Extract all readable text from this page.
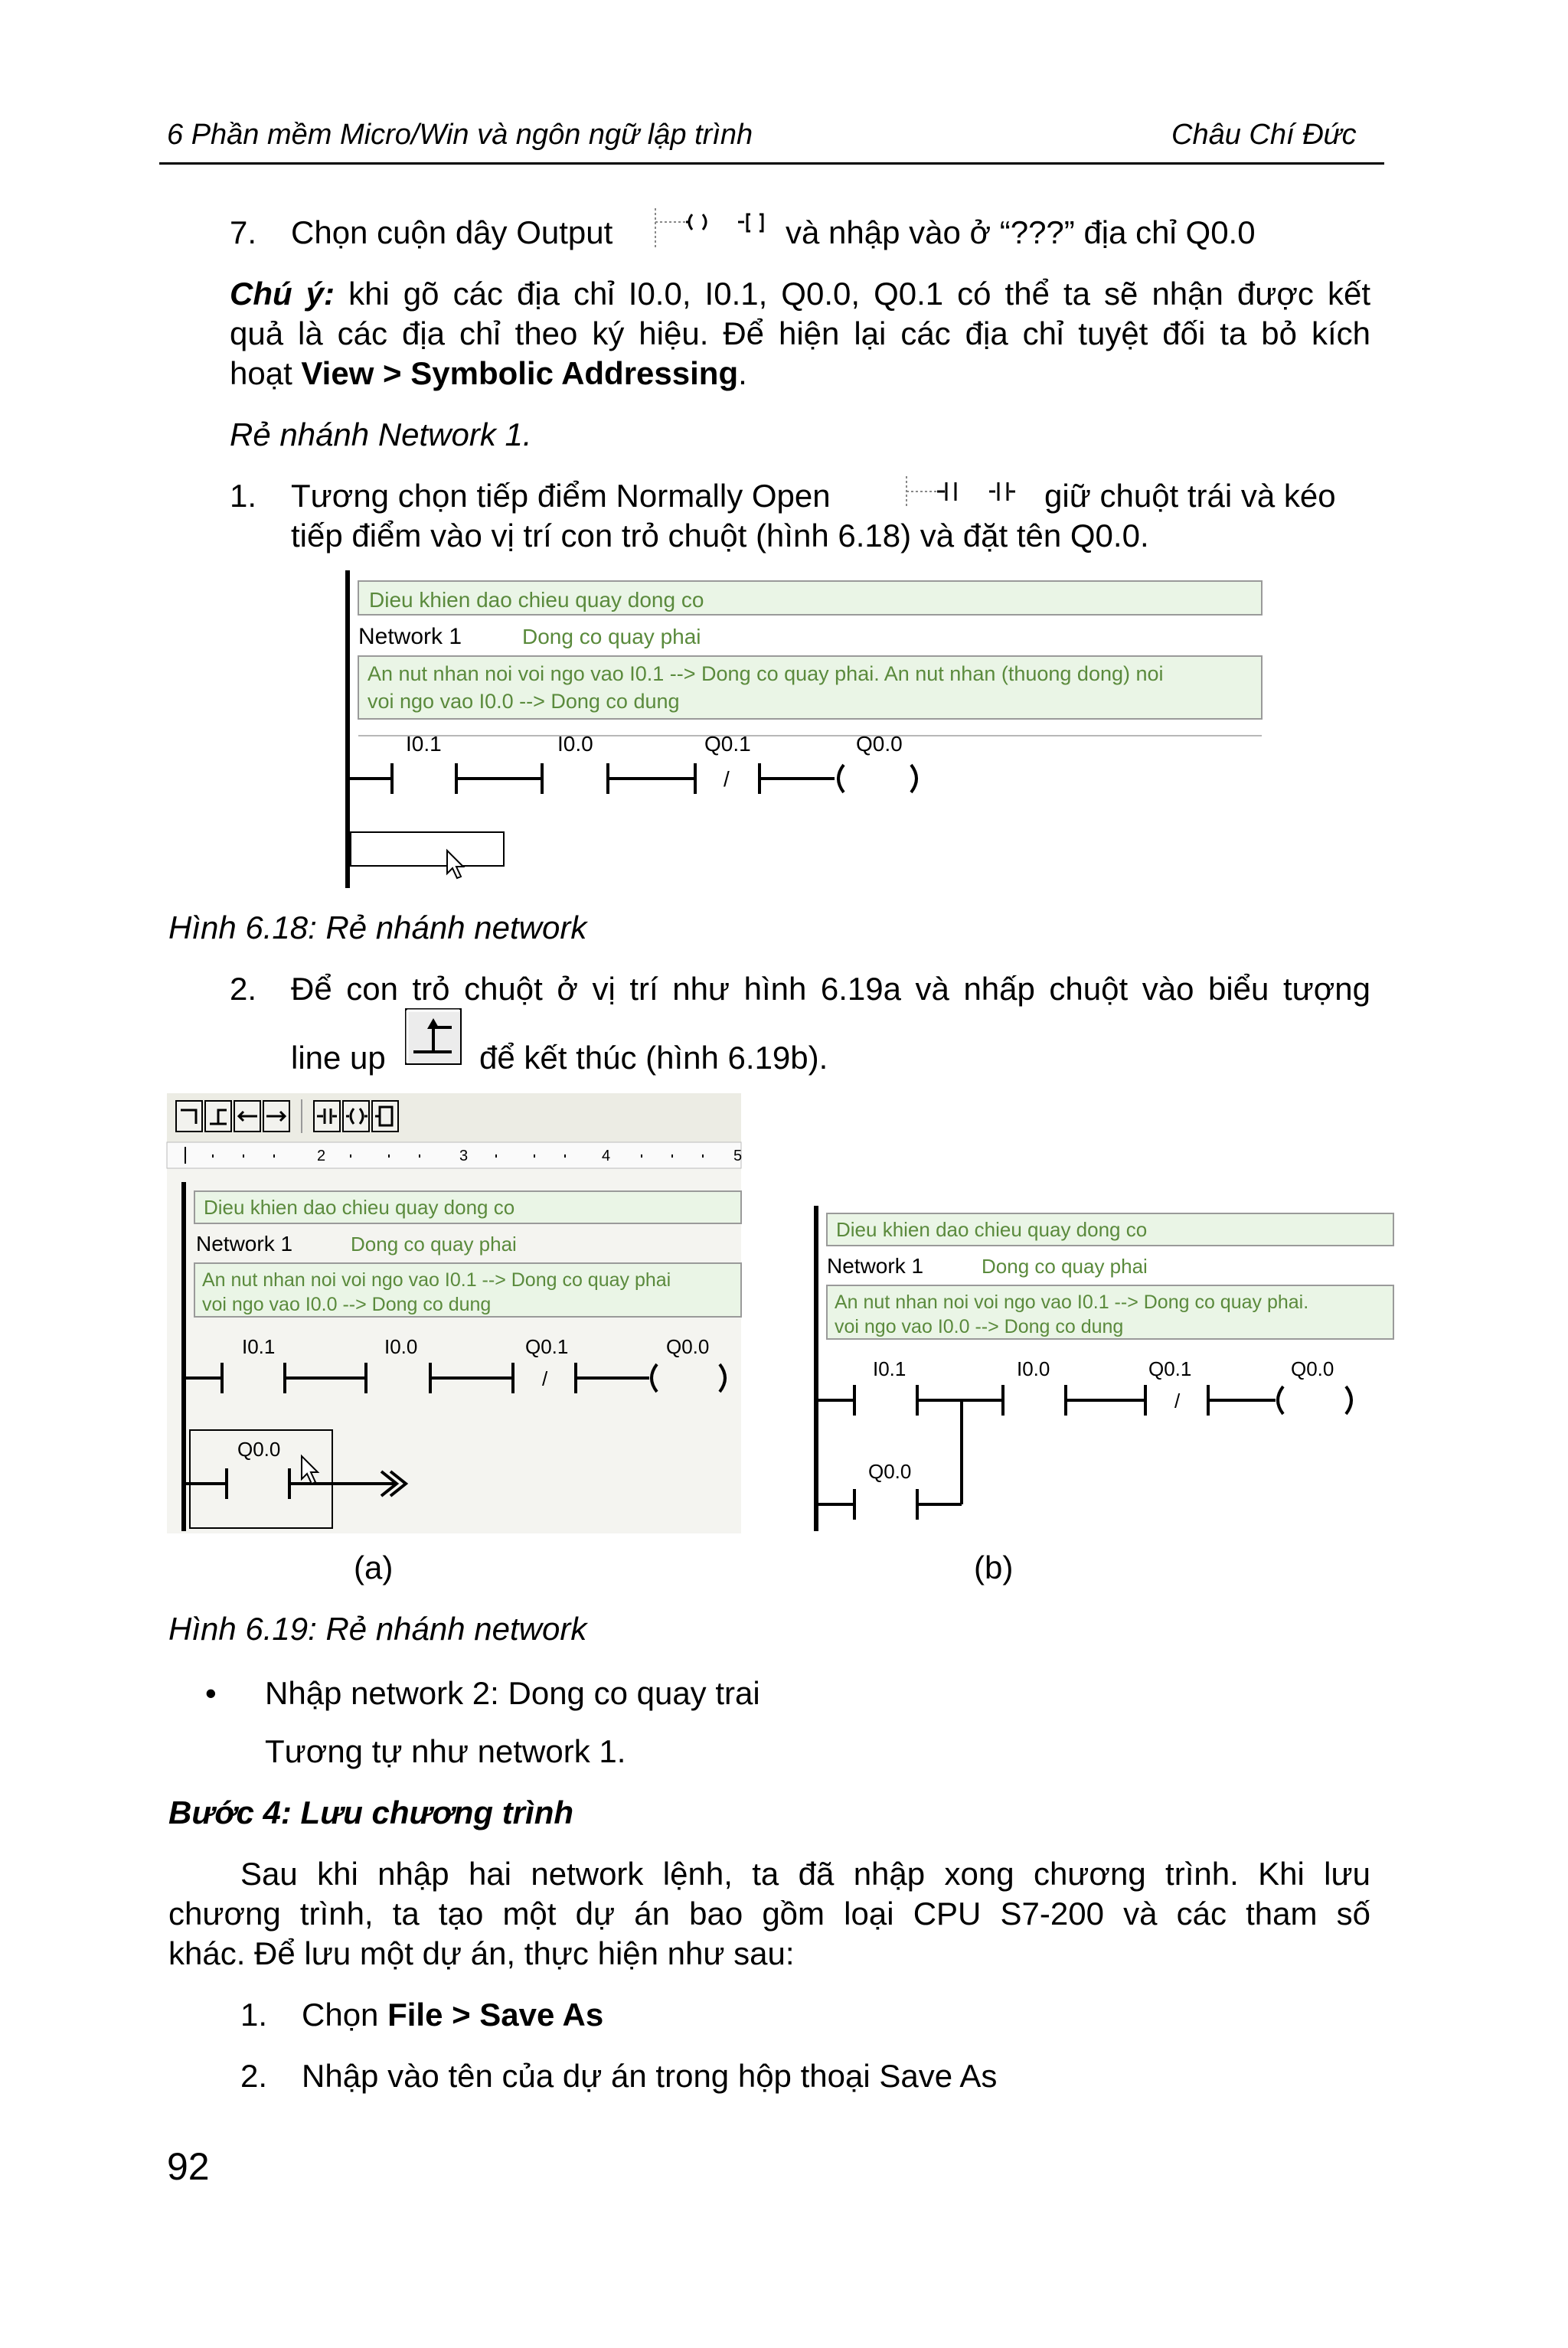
6 Phần mềm Micro/Win và ngôn ngữ lập trình	Châu Chí Đức
7. Chọn cuộn dây Output	và nhập vào ở “???” địa chỉ Q0.0
Chú ý: khi gõ các địa chỉ I0.0, I0.1, Q0.0, Q0.1 có thể ta sẽ nhận được kết
quả là các địa chỉ theo ký hiệu. Để hiện lại các địa chỉ tuyệt đối ta bỏ kích
hoạt View > Symbolic Addressing.
Rẻ nhánh Network 1.
1. Tương chọn tiếp điểm Normally Open	giữ chuột trái và kéo
tiếp điểm vào vị trí con trỏ chuột (hình 6.18) và đặt tên Q0.0.
Dieu khien dao chieu quay dong co
Network 1	Dong co quay phai
An nut nhan noi voi ngo vao I0.1 --> Dong co quay phai. An nut nhan (thuong dong) noi
voi ngo vao I0.0 --> Dong co dung
I0.1	I0.0	Q0.1	Q0.0
/
Hình 6.18: Rẻ nhánh network
2. Để con trỏ chuột ở vị trí như hình 6.19a và nhấp chuột vào biểu tượng
line up	để kết thúc (hình 6.19b).
2	3	4	5
Dieu khien dao chieu quay dong co
Network 1	Dong co quay phai
An nut nhan noi voi ngo vao I0.1 --> Dong co quay phai
voi ngo vao I0.0 --> Dong co dung
I0.1	I0.0	Q0.1	Q0.0
/
Q0.0
Dieu khien dao chieu quay dong co
Network 1	Dong co quay phai
An nut nhan noi voi ngo vao I0.1 --> Dong co quay phai.
voi ngo vao I0.0 --> Dong co dung
I0.1	I0.0	Q0.1	Q0.0
/
Q0.0
(a)	(b)
Hình 6.19: Rẻ nhánh network
• Nhập network 2: Dong co quay trai
Tương tự như network 1.
Bước 4: Lưu chương trình
Sau khi nhập hai network lệnh, ta đã nhập xong chương trình. Khi lưu
chương trình, ta tạo một dự án bao gồm loại CPU S7-200 và các tham số
khác. Để lưu một dự án, thực hiện như sau:
1. Chọn File > Save As
2. Nhập vào tên của dự án trong hộp thoại Save As
92
